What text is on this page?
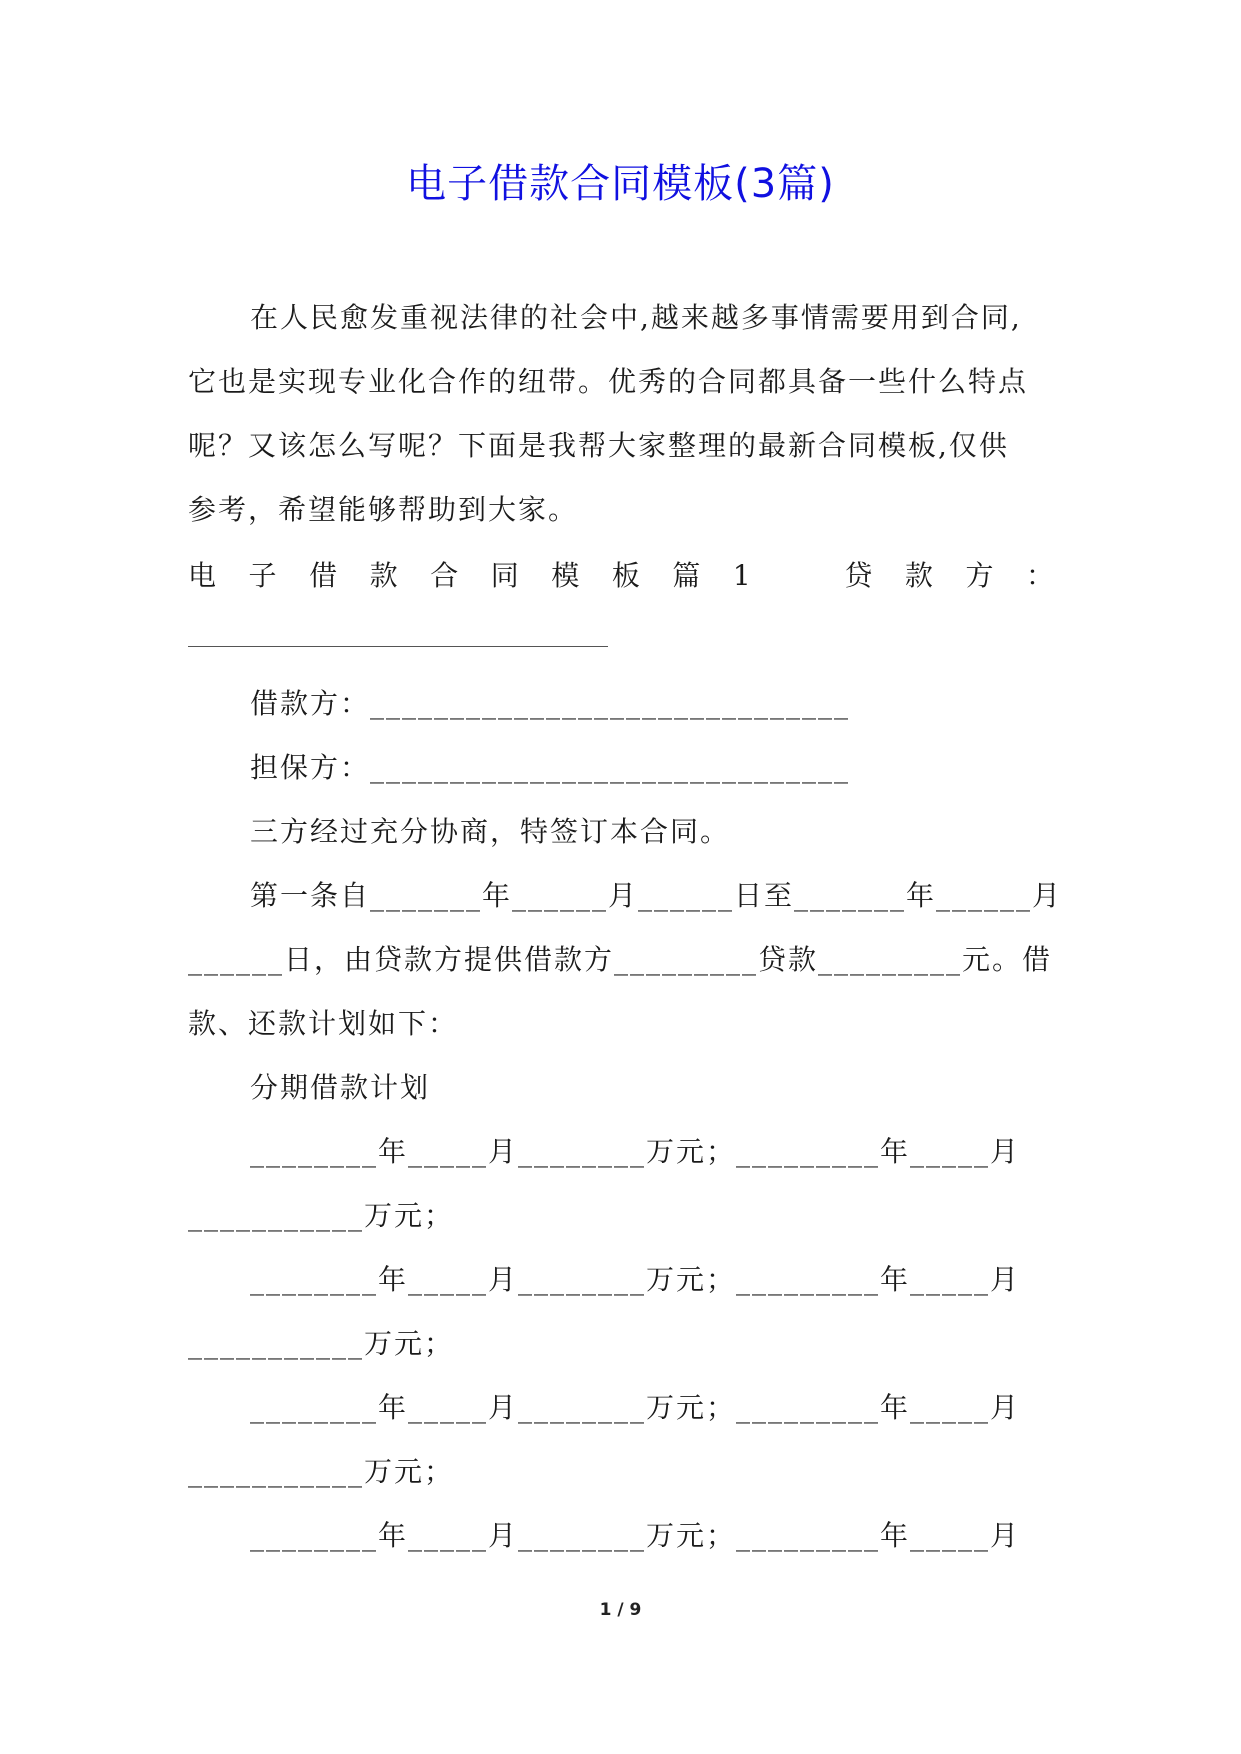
电子借款合同模板(3篇)
在人民愈发重视法律的社会中,越来越多事情需要用到合同,
它也是实现专业化合作的纽带。优秀的合同都具备一些什么特点
呢？又该怎么写呢？下面是我帮大家整理的最新合同模板,仅供
参考，希望能够帮助到大家。
电 子 借 款 合 同 模 板 篇 1	贷 款 方 ：
借款方：______________________________
担保方：______________________________
三方经过充分协商，特签订本合同。
第一条自_______年______月______日至_______年______月
______日，由贷款方提供借款方_________贷款_________元。借
款、还款计划如下：
分期借款计划
________年_____月________万元；_________年_____月
___________万元；
________年_____月________万元；_________年_____月
___________万元；
________年_____月________万元；_________年_____月
___________万元；
________年_____月________万元；_________年_____月
1 / 9
